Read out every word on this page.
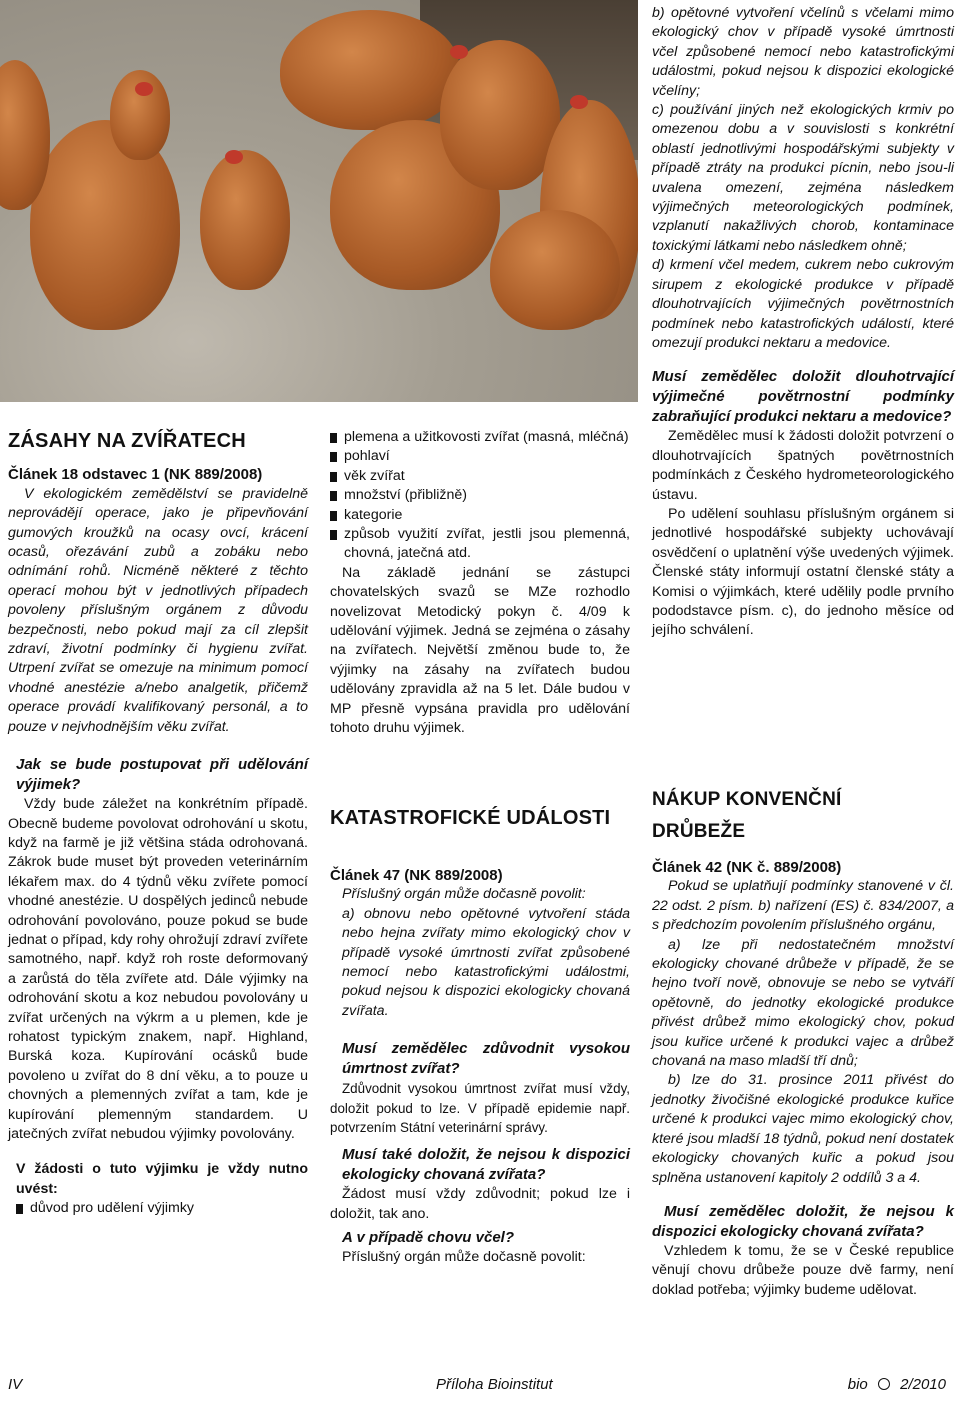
b) opětovné vytvoření včelínů s včelami mimo ekologický chov v případě vysoké úmrtnosti včel způsobené nemocí nebo katastrofickými událostmi, pokud nejsou k dispozici ekologické včelíny;

c) používání jiných než ekologických krmiv po omezenou dobu a v souvislosti s konkrétní oblastí jednotlivými hospodářskými subjekty v případě ztráty na produkci pícnin, nebo jsou-li uvalena omezení, zejména následkem výjimečných meteorologických podmínek, vzplanutí nakažlivých chorob, kontaminace toxickými látkami nebo následkem ohně;

d) krmení včel medem, cukrem nebo cukrovým sirupem z ekologické produkce v případě dlouhotrvajících výjimečných povětrnostních podmínek nebo katastrofických událostí, které omezují produkci nektaru a medovice.

Musí zemědělec doložit dlouhotrvající výjimečné povětrnostní podmínky zabraňující produkci nektaru a medovice?

Zemědělec musí k žádosti doložit potvrzení o dlouhotrvajících špatných povětrnostních podmínkách z Českého hydrometeorologického ústavu.

Po udělení souhlasu příslušným orgánem si jednotlivé hospodářské subjekty uchovávají osvědčení o uplatnění výše uvedených výjimek. Členské státy informují ostatní členské státy a Komisi o výjimkách, které udělily podle prvního pododstavce písm. c), do jednoho měsíce od jejího schválení.

ZÁSAHY NA ZVÍŘATECH

Článek 18 odstavec 1 (NK 889/2008)

V ekologickém zemědělství se pravidelně neprovádějí operace, jako je připevňování gumových kroužků na ocasy ovcí, krácení ocasů, ořezávání zubů a zobáku nebo odnímání rohů. Nicméně některé z těchto operací mohou být v jednotlivých případech povoleny příslušným orgánem z důvodu bezpečnosti, nebo pokud mají za cíl zlepšit zdraví, životní podmínky či hygienu zvířat. Utrpení zvířat se omezuje na minimum pomocí vhodné anestézie a/nebo analgetik, přičemž operace provádí kvalifikovaný personál, a to pouze v nejvhodnějším věku zvířat.

Jak se bude postupovat při udělování výjimek?

Vždy bude záležet na konkrétním případě. Obecně budeme povolovat odrohování u skotu, když na farmě je již většina stáda odrohovaná. Zákrok bude muset být proveden veterinárním lékařem max. do 4 týdnů věku zvířete pomocí vhodné anestézie. U dospělých jedinců nebude odrohování povolováno, pouze pokud se bude jednat o případ, kdy rohy ohrožují zdraví zvířete samotného, např. když roh roste deformovaný a zarůstá do těla zvířete atd. Dále výjimky na odrohování skotu a koz nebudou povolovány u zvířat určených na výkrm a u plemen, kde je rohatost typickým znakem, např. Highland, Burská koza. Kupírování ocásků bude povoleno u zvířat do 8 dní věku, a to pouze u chovných a plemenných zvířat a tam, kde je kupírování plemenným standardem. U jatečných zvířat nebudou výjimky povolovány.

V žádosti o tuto výjimku je vždy nutno uvést:

důvod pro udělení výjimky

plemena a užitkovosti zvířat (masná, mléčná)

pohlaví

věk zvířat

množství (přibližně)

kategorie

způsob využití zvířat, jestli jsou plemenná, chovná, jatečná atd.

Na základě jednání se zástupci chovatelských svazů se MZe rozhodlo novelizovat Metodický pokyn č. 4/09 k udělování výjimek. Jedná se zejména o zásahy na zvířatech. Největší změnou bude to, že výjimky na zásahy na zvířatech budou udělovány zpravidla až na 5 let. Dále budou v MP přesně vypsána pravidla pro udělování tohoto druhu výjimek.

KATASTROFICKÉ UDÁLOSTI

Článek 47 (NK 889/2008)

Příslušný orgán může dočasně povolit:

a) obnovu nebo opětovné vytvoření stáda nebo hejna zvířaty mimo ekologický chov v případě vysoké úmrtnosti zvířat způsobené nemocí nebo katastrofickými událostmi, pokud nejsou k dispozici ekologicky chovaná zvířata.

Musí zemědělec zdůvodnit vysokou úmrtnost zvířat?

Zdůvodnit vysokou úmrtnost zvířat musí vždy, doložit pokud to lze. V případě epidemie např. potvrzením Státní veterinární správy.

Musí také doložit, že nejsou k dispozici ekologicky chovaná zvířata?

Žádost musí vždy zdůvodnit; pokud lze i doložit, tak ano.

A v případě chovu včel?

Příslušný orgán může dočasně povolit:

NÁKUP KONVENČNÍ

DRŮBEŽE

Článek 42 (NK č. 889/2008)

Pokud se uplatňují podmínky stanovené v čl. 22 odst. 2 písm. b) nařízení (ES) č. 834/2007, a s předchozím povolením příslušného orgánu,

a) lze při nedostatečném množství ekologicky chované drůbeže v případě, že se hejno tvoří nově, obnovuje se nebo se vytváří opětovně, do jednotky ekologické produkce přivést drůbež mimo ekologický chov, pokud jsou kuřice určené k produkci vajec a drůbež chovaná na maso mladší tří dnů;

b) lze do 31. prosince 2011 přivést do jednotky živočišné ekologické produkce kuřice určené k produkci vajec mimo ekologický chov, které jsou mladší 18 týdnů, pokud není dostatek ekologicky chovaných kuřic a pokud jsou splněna ustanovení kapitoly 2 oddílů 3 a 4.

Musí zemědělec doložit, že nejsou k dispozici ekologicky chovaná zvířata?

Vzhledem k tomu, že se v České republice věnují chovu drůbeže pouze dvě farmy, není doklad potřeba; výjimky budeme udělovat.

IV	Příloha Bioinstitut	bio 2/2010
